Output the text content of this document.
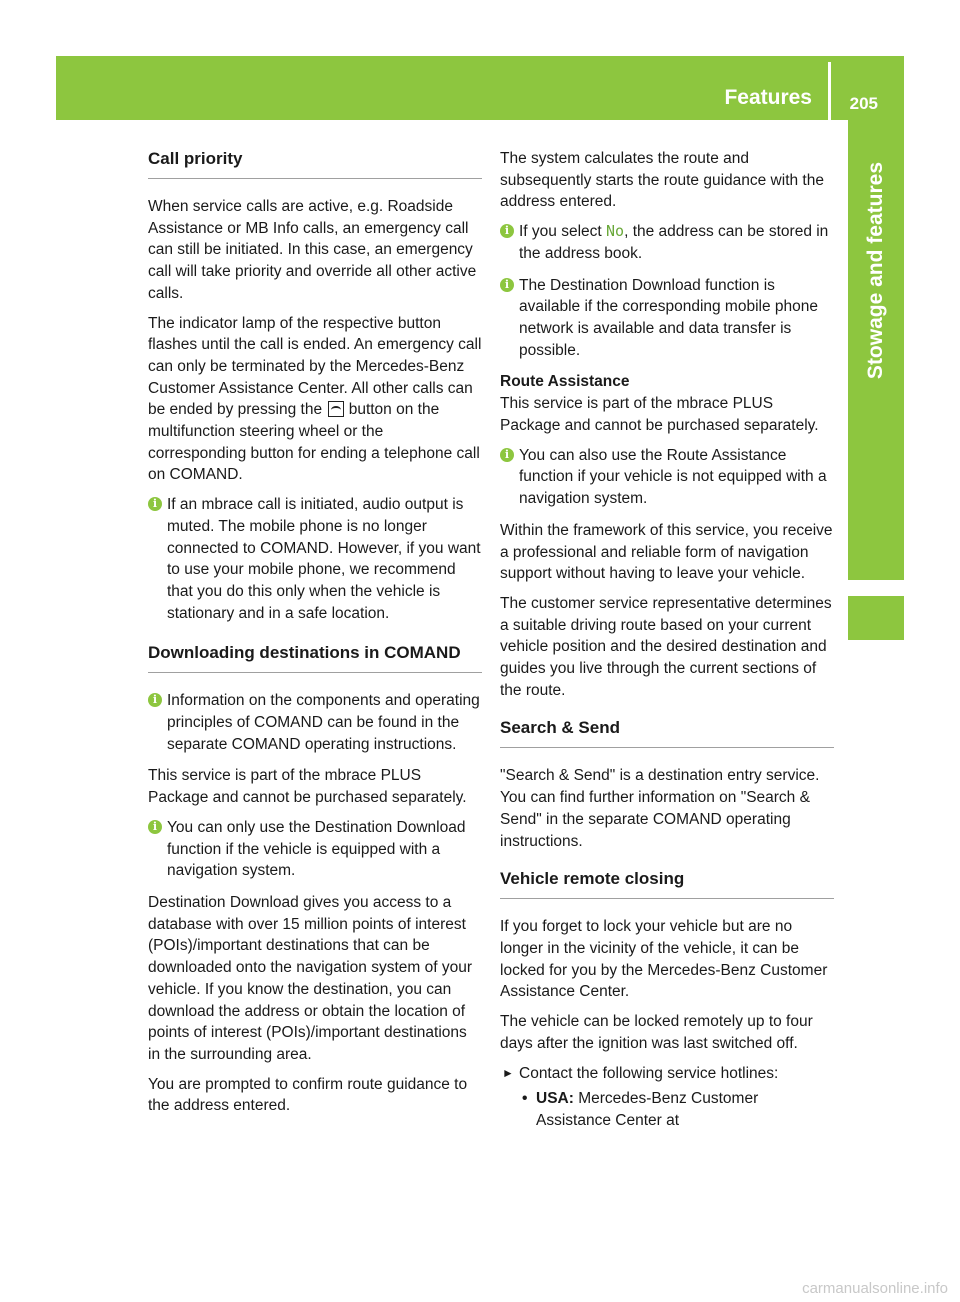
Features 205
Stowage and features
Call priority

When service calls are active, e.g. Roadside Assistance or MB Info calls, an emergency call can still be initiated. In this case, an emergency call will take priority and override all other active calls.

The indicator lamp of the respective button flashes until the call is ended. An emergency call can only be terminated by the Mercedes-Benz Customer Assistance Center. All other calls can be ended by pressing the button on the multifunction steering wheel or the corresponding button for ending a telephone call on COMAND.

i If an mbrace call is initiated, audio output is muted. The mobile phone is no longer connected to COMAND. However, if you want to use your mobile phone, we recommend that you do this only when the vehicle is stationary and in a safe location.
Downloading destinations in COMAND
i Information on the components and operating principles of COMAND can be found in the separate COMAND operating instructions.

This service is part of the mbrace PLUS Package and cannot be purchased separately.

i You can only use the Destination Download function if the vehicle is equipped with a navigation system.

Destination Download gives you access to a database with over 15 million points of interest (POIs)/important destinations that can be downloaded onto the navigation system of your vehicle. If you know the destination, you can download the address or obtain the location of points of interest (POIs)/important destinations in the surrounding area.

You are prompted to confirm route guidance to the address entered.

The system calculates the route and subsequently starts the route guidance with the address entered.

i If you select No, the address can be stored in the address book.
i The Destination Download function is available if the corresponding mobile phone network is available and data transfer is possible.
Route Assistance

This service is part of the mbrace PLUS Package and cannot be purchased separately.

i You can also use the Route Assistance function if your vehicle is not equipped with a navigation system.

Within the framework of this service, you receive a professional and reliable form of navigation support without having to leave your vehicle.

The customer service representative determines a suitable driving route based on your current vehicle position and the desired destination and guides you live through the current sections of the route.

Search & Send

"Search & Send" is a destination entry service. You can find further information on "Search & Send" in the separate COMAND operating instructions.

Vehicle remote closing

If you forget to lock your vehicle but are no longer in the vicinity of the vehicle, it can be locked for you by the Mercedes-Benz Customer Assistance Center.

The vehicle can be locked remotely up to four days after the ignition was last switched off.

► Contact the following service hotlines:
• USA: Mercedes-Benz Customer Assistance Center at
carmanualsonline.info
